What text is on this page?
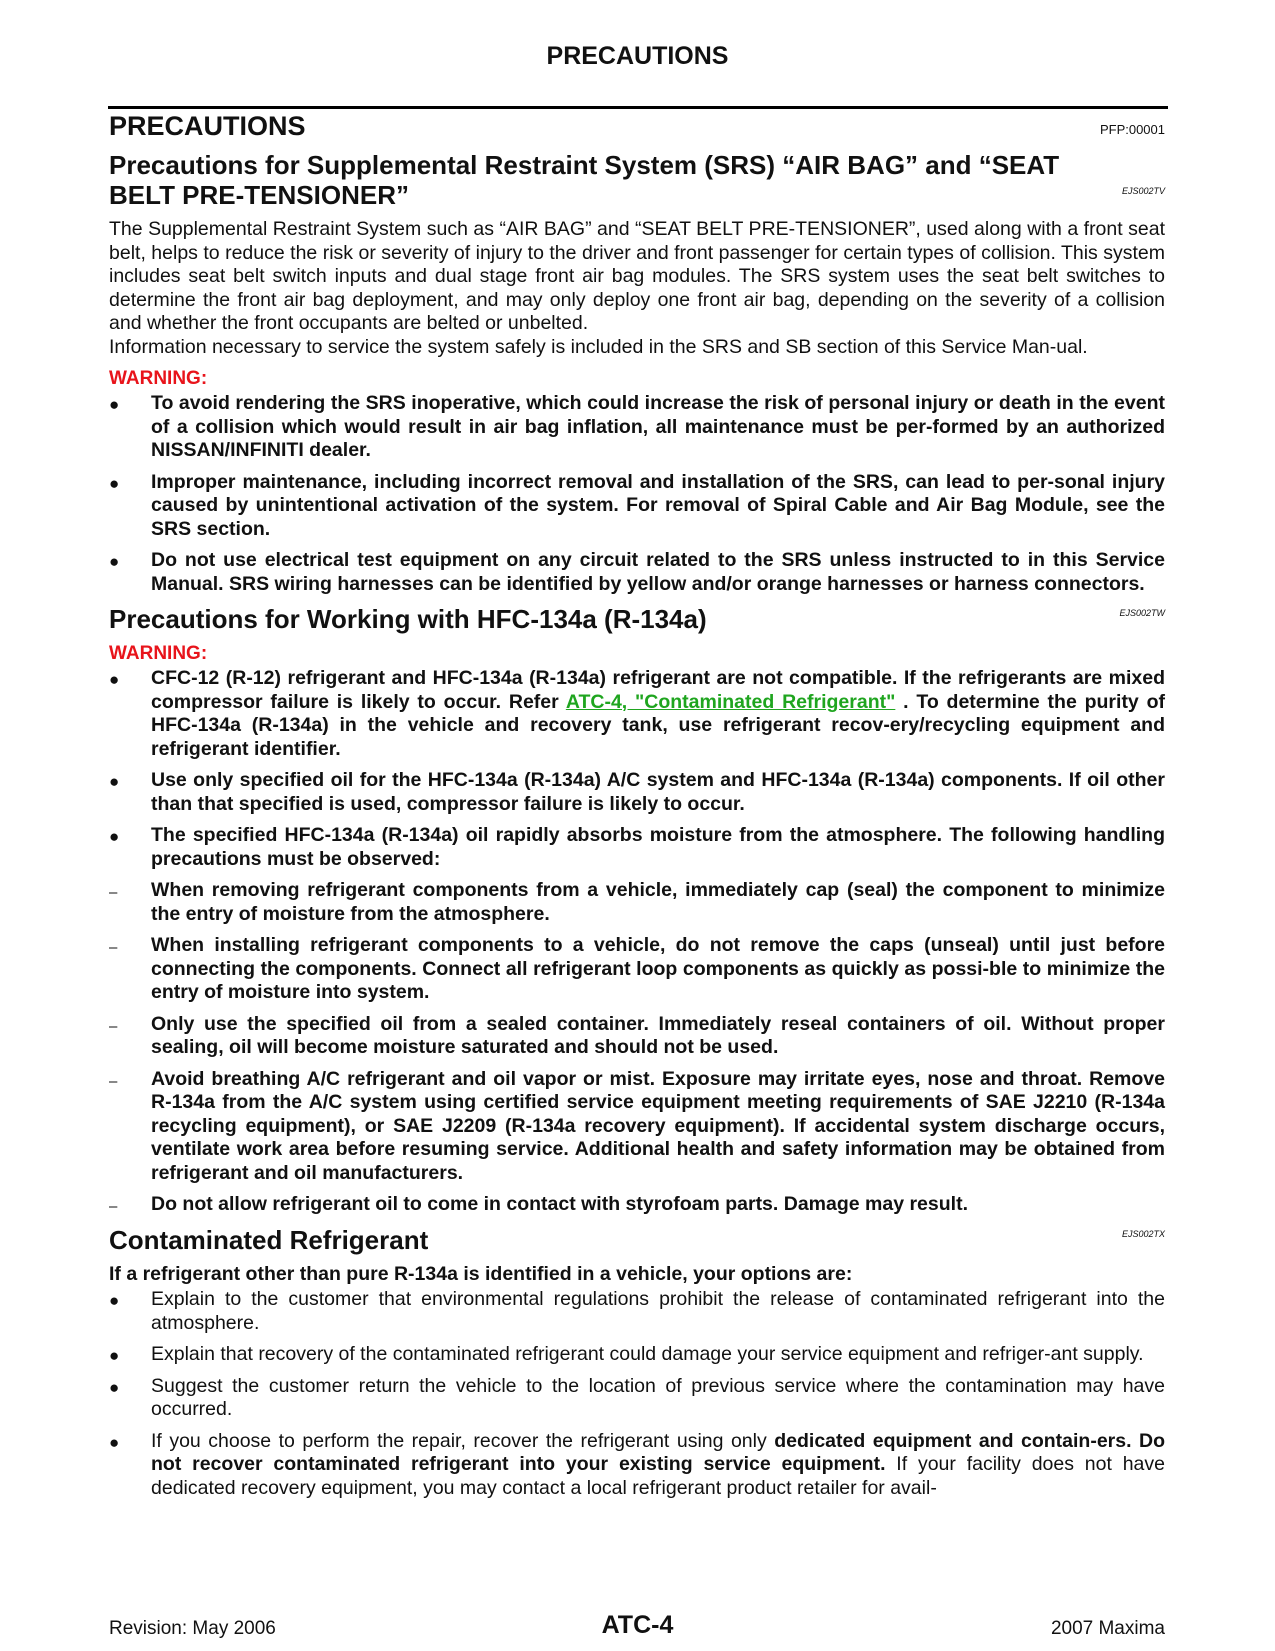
PRECAUTIONS
PRECAUTIONS	PFP:00001
Precautions for Supplemental Restraint System (SRS) “AIR BAG” and “SEAT
BELT PRE-TENSIONER”	EJS002TV
The Supplemental Restraint System such as “AIR BAG” and “SEAT BELT PRE-TENSIONER”, used along with a front seat belt, helps to reduce the risk or severity of injury to the driver and front passenger for certain types of collision. This system includes seat belt switch inputs and dual stage front air bag modules. The SRS system uses the seat belt switches to determine the front air bag deployment, and may only deploy one front air bag, depending on the severity of a collision and whether the front occupants are belted or unbelted.
Information necessary to service the system safely is included in the SRS and SB section of this Service Man-ual.
WARNING:
●	To avoid rendering the SRS inoperative, which could increase the risk of personal injury or death in the event of a collision which would result in air bag inflation, all maintenance must be per-formed by an authorized NISSAN/INFINITI dealer.
●	Improper maintenance, including incorrect removal and installation of the SRS, can lead to per-sonal injury caused by unintentional activation of the system. For removal of Spiral Cable and Air Bag Module, see the SRS section.
●	Do not use electrical test equipment on any circuit related to the SRS unless instructed to in this Service Manual. SRS wiring harnesses can be identified by yellow and/or orange harnesses or harness connectors.
Precautions for Working with HFC-134a (R-134a)	EJS002TW
WARNING:
●	CFC-12 (R-12) refrigerant and HFC-134a (R-134a) refrigerant are not compatible. If the refrigerants are mixed compressor failure is likely to occur. Refer ATC-4, "Contaminated Refrigerant" . To determine the purity of HFC-134a (R-134a) in the vehicle and recovery tank, use refrigerant recov-ery/recycling equipment and refrigerant identifier.
●	Use only specified oil for the HFC-134a (R-134a) A/C system and HFC-134a (R-134a) components. If oil other than that specified is used, compressor failure is likely to occur.
●	The specified HFC-134a (R-134a) oil rapidly absorbs moisture from the atmosphere. The following handling precautions must be observed:
–	When removing refrigerant components from a vehicle, immediately cap (seal) the component to minimize the entry of moisture from the atmosphere.
–	When installing refrigerant components to a vehicle, do not remove the caps (unseal) until just before connecting the components. Connect all refrigerant loop components as quickly as possi-ble to minimize the entry of moisture into system.
–	Only use the specified oil from a sealed container. Immediately reseal containers of oil. Without proper sealing, oil will become moisture saturated and should not be used.
–	Avoid breathing A/C refrigerant and oil vapor or mist. Exposure may irritate eyes, nose and throat. Remove R-134a from the A/C system using certified service equipment meeting requirements of SAE J2210 (R-134a recycling equipment), or SAE J2209 (R-134a recovery equipment). If accidental system discharge occurs, ventilate work area before resuming service. Additional health and safety information may be obtained from refrigerant and oil manufacturers.
–	Do not allow refrigerant oil to come in contact with styrofoam parts. Damage may result.
Contaminated Refrigerant	EJS002TX
If a refrigerant other than pure R-134a is identified in a vehicle, your options are:
●	Explain to the customer that environmental regulations prohibit the release of contaminated refrigerant into the atmosphere.
●	Explain that recovery of the contaminated refrigerant could damage your service equipment and refriger-ant supply.
●	Suggest the customer return the vehicle to the location of previous service where the contamination may have occurred.
●	If you choose to perform the repair, recover the refrigerant using only dedicated equipment and contain-ers. Do not recover contaminated refrigerant into your existing service equipment. If your facility does not have dedicated recovery equipment, you may contact a local refrigerant product retailer for avail-
Revision: May 2006	ATC-4	2007 Maxima
